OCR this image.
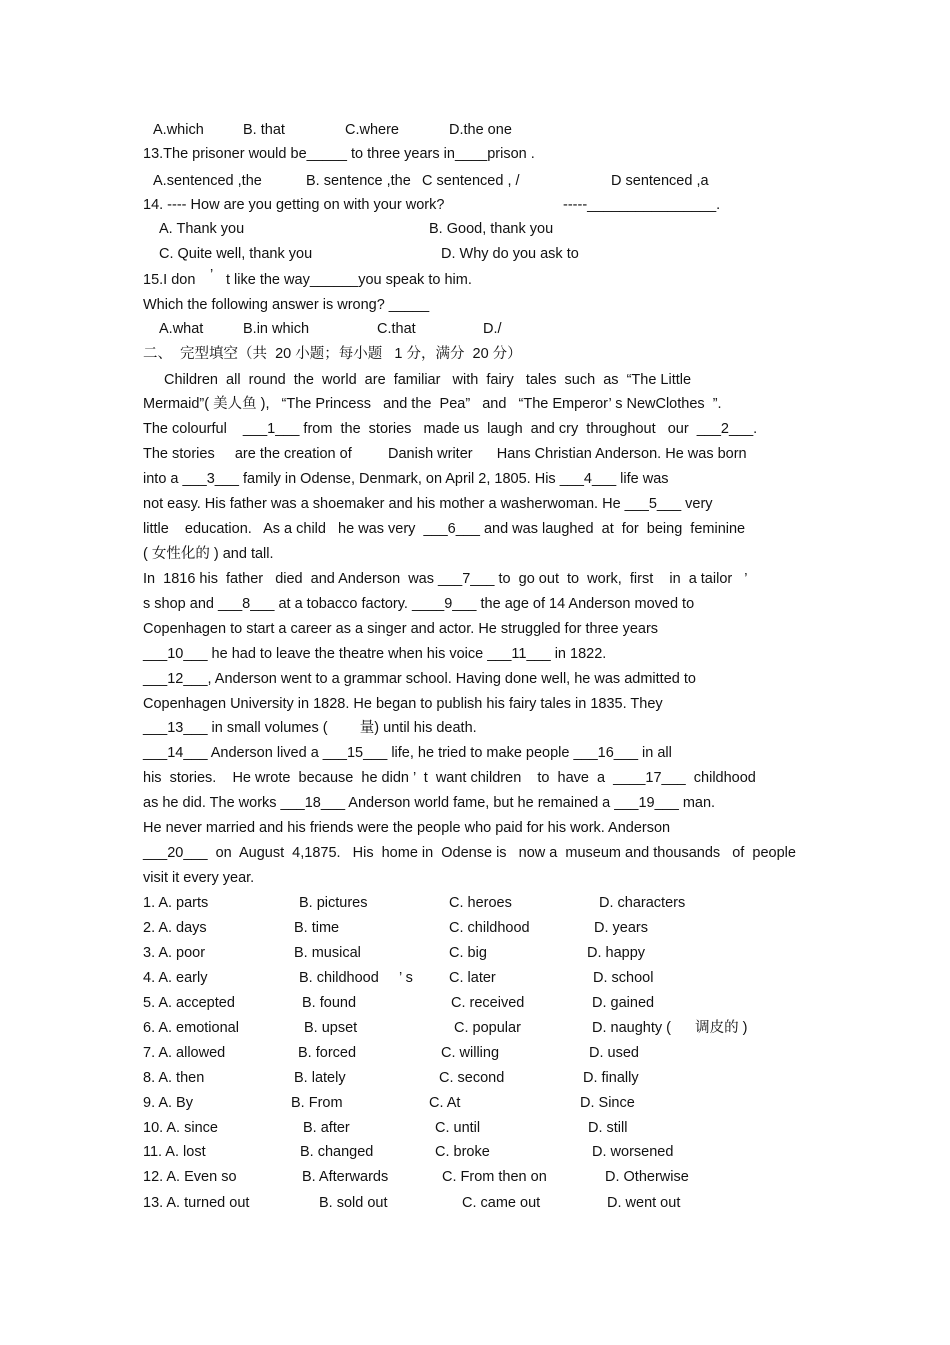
A.which	B. that	C.where	D.the one
13.The prisoner would be_____ to three years in____prison .
A.sentenced ,the	B. sentence ,the C sentenced , /	D sentenced ,a
14. ---- How are you getting on with your work?	-----________________.
A. Thank you	B. Good, thank you
C. Quite well, thank you	D. Why do you ask to
15.I don ’ t like the way______you speak to him.
Which the following answer is wrong? _____
A.what	B.in which	C.that	D./
二、  完型填空（共  20 小题；每小题   1 分，满分  20 分）
Children  all  round  the  world  are  familiar   with  fairy   tales  such  as  “The Little
Mermaid”( 美人鱼 ),   “The Princess   and the  Pea”   and   “The Emperor’ s NewClothes  ”.
The colourful    ___1___ from  the  stories   made us  laugh  and cry  throughout   our  ___2___.
The stories     are the creation of         Danish writer      Hans Christian Anderson. He was born
into a ___3___ family in Odense, Denmark, on April 2, 1805. His ___4___ life was
not easy. His father was a shoemaker and his mother a washerwoman. He ___5___ very
little    education.   As a child   he was very  ___6___ and was laughed  at  for  being  feminine
( 女性化的 ) and tall.
In  1816 his  father   died  and Anderson  was ___7___ to  go out  to  work,  first    in  a tailor   ’
s shop and ___8___ at a tobacco factory. ____9___ the age of 14 Anderson moved to
Copenhagen to start a career as a singer and actor. He struggled for three years
___10___ he had to leave the theatre when his voice ___11___ in 1822.
___12___, Anderson went to a grammar school. Having done well, he was admitted to
Copenhagen University in 1828. He began to publish his fairy tales in 1835. They
___13___ in small volumes (        量) until his death.
___14___ Anderson lived a ___15___ life, he tried to make people ___16___ in all
his  stories.    He wrote  because  he didn ’  t  want children    to  have  a  ____17___  childhood
as he did. The works ___18___ Anderson world fame, but he remained a ___19___ man.
He never married and his friends were the people who paid for his work. Anderson
___20___  on  August  4,1875.   His  home in  Odense is   now a  museum and thousands   of  people
visit it every year.
1. A. parts	B. pictures	C. heroes	D. characters
2. A. days	B. time	C. childhood	D. years
3. A. poor	B. musical	C. big	D. happy
4. A. early	B. childhood     ’ s C. later	D. school
5. A. accepted	B. found	C. received	D. gained
6. A. emotional	B. upset	C. popular	D. naughty (      调皮的 )
7. A. allowed	B. forced	C. willing	D. used
8. A. then	B. lately	C. second	D. finally
9. A. By	B. From	C. At	D. Since
10. A. since	B. after	C. until	D. still
11. A. lost	B. changed	C. broke	D. worsened
12. A. Even so	B. Afterwards	C. From then on	D. Otherwise
13. A. turned out	B. sold out	C. came out	D. went out
